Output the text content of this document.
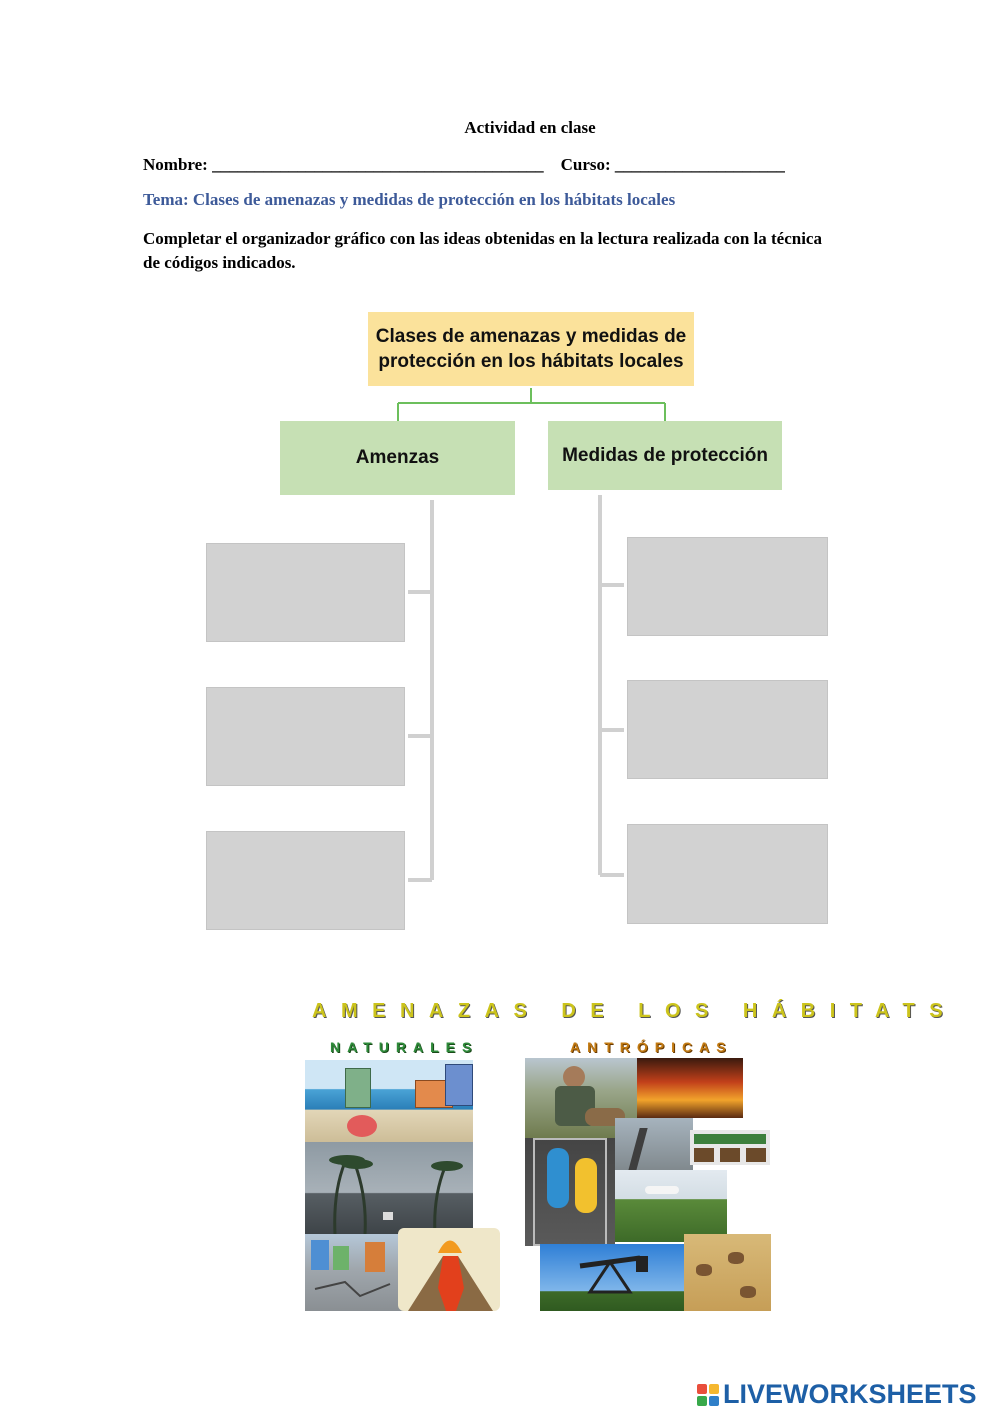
Actividad en clase
Nombre: _______________________________________    Curso: ____________________
Tema: Clases de amenazas y medidas de protección en los hábitats locales
Completar el organizador gráfico con las ideas obtenidas en la lectura realizada con la técnica de códigos indicados.
Clases de amenazas y medidas de protección en los hábitats locales
Amenzas	Medidas de protección
AMENAZAS DE LOS HÁBITATS
NATURALES	ANTRÓPICAS
LIVEWORKSHEETS
